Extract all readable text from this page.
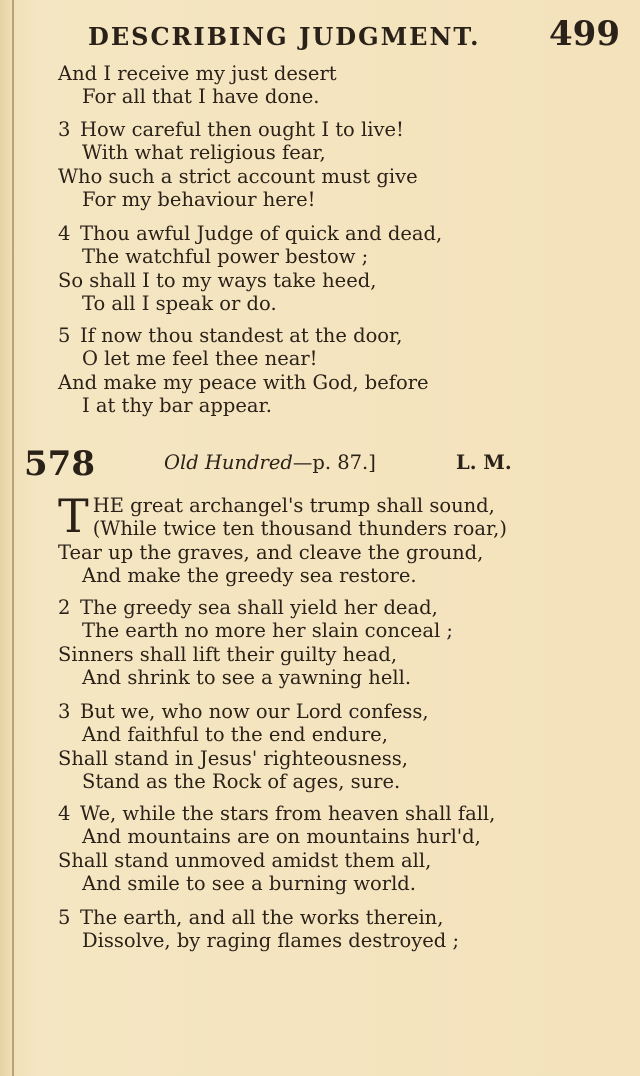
DESCRIBING JUDGMENT. 499
And I receive my just desert
For all that I have done.
3 How careful then ought I to live!
With what religious fear,
Who such a strict account must give
For my behaviour here!
4 Thou awful Judge of quick and dead,
The watchful power bestow ;
So shall I to my ways take heed,
To all I speak or do.
5 If now thou standest at the door,
O let me feel thee near!
And make my peace with God, before
I at thy bar appear.
578	Old Hundred—p. 87.]	L. M.
THE great archangel's trump shall sound,
(While twice ten thousand thunders roar,)
Tear up the graves, and cleave the ground,
And make the greedy sea restore.
2 The greedy sea shall yield her dead,
The earth no more her slain conceal ;
Sinners shall lift their guilty head,
And shrink to see a yawning hell.
3 But we, who now our Lord confess,
And faithful to the end endure,
Shall stand in Jesus' righteousness,
Stand as the Rock of ages, sure.
4 We, while the stars from heaven shall fall,
And mountains are on mountains hurl'd,
Shall stand unmoved amidst them all,
And smile to see a burning world.
5 The earth, and all the works therein,
Dissolve, by raging flames destroyed ;
